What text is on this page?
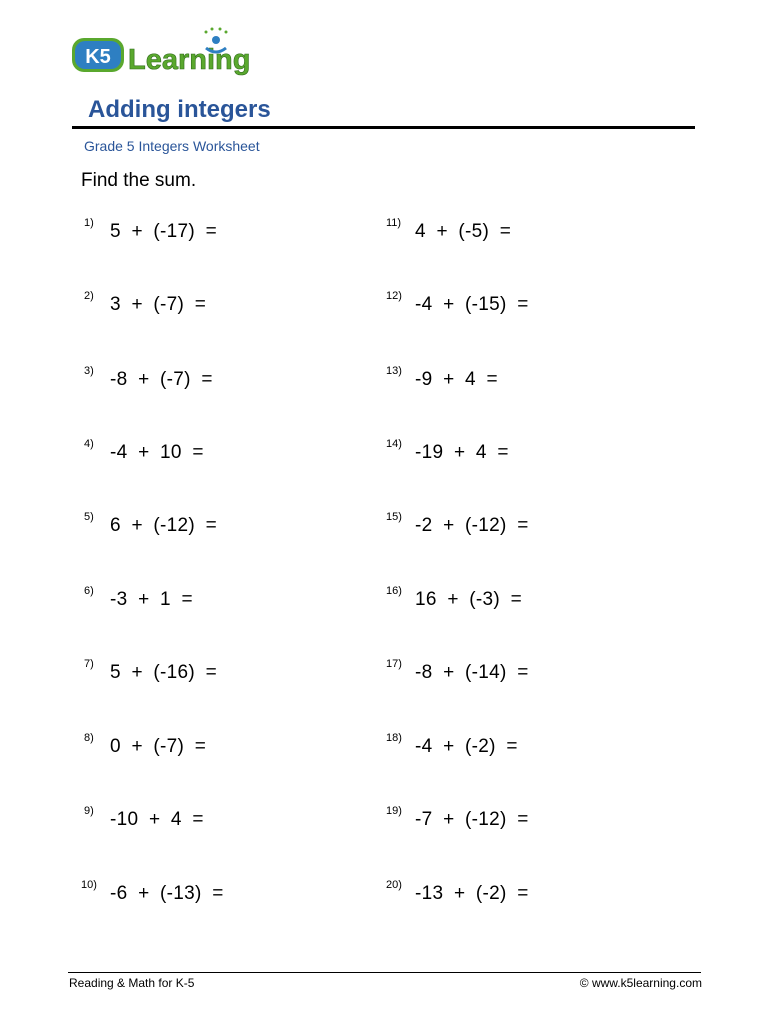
K5 Learning
Adding integers
Grade 5 Integers Worksheet
Find the sum.
1) 5 + (-17) =
2) 3 + (-7) =
3) -8 + (-7) =
4) -4 + 10 =
5) 6 + (-12) =
6) -3 + 1 =
7) 5 + (-16) =
8) 0 + (-7) =
9) -10 + 4 =
10) -6 + (-13) =
11) 4 + (-5) =
12) -4 + (-15) =
13) -9 + 4 =
14) -19 + 4 =
15) -2 + (-12) =
16) 16 + (-3) =
17) -8 + (-14) =
18) -4 + (-2) =
19) -7 + (-12) =
20) -13 + (-2) =
Reading & Math for K-5	© www.k5learning.com
